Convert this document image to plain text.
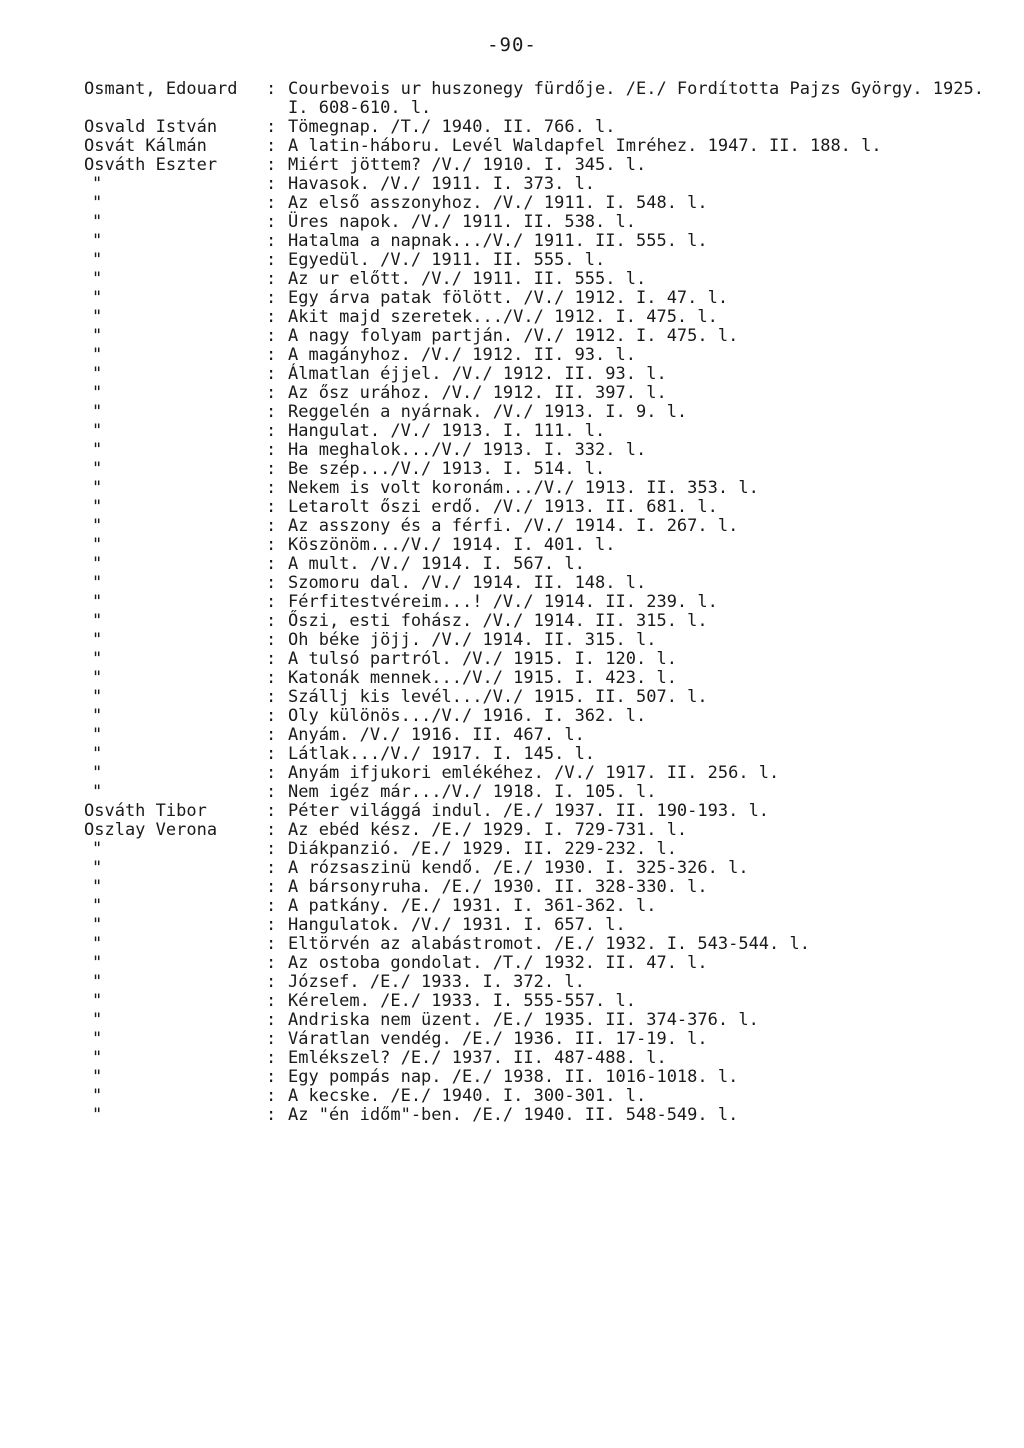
-90-
Osmant, Edouard	: Courbevois ur huszonegy fürdője. /E./ Fordította Pajzs György. 1925. I. 608-610. l.
Osvald István	: Tömegnap. /T./ 1940. II. 766. l.
Osvát Kálmán	: A latin-háboru. Levél Waldapfel Imréhez. 1947. II. 188. l.
Osváth Eszter	: Miért jöttem? /V./ 1910. I. 345. l.
"	: Havasok. /V./ 1911. I. 373. l.
"	: Az első asszonyhoz. /V./ 1911. I. 548. l.
"	: Üres napok. /V./ 1911. II. 538. l.
"	: Hatalma a napnak.../V./ 1911. II. 555. l.
"	: Egyedül. /V./ 1911. II. 555. l.
"	: Az ur előtt. /V./ 1911. II. 555. l.
"	: Egy árva patak fölött. /V./ 1912. I. 47. l.
"	: Akit majd szeretek.../V./ 1912. I. 475. l.
"	: A nagy folyam partján. /V./ 1912. I. 475. l.
"	: A magányhoz. /V./ 1912. II. 93. l.
"	: Álmatlan éjjel. /V./ 1912. II. 93. l.
"	: Az ősz urához. /V./ 1912. II. 397. l.
"	: Reggelén a nyárnak. /V./ 1913. I. 9. l.
"	: Hangulat. /V./ 1913. I. 111. l.
"	: Ha meghalok.../V./ 1913. I. 332. l.
"	: Be szép.../V./ 1913. I. 514. l.
"	: Nekem is volt koronám.../V./ 1913. II. 353. l.
"	: Letarolt őszi erdő. /V./ 1913. II. 681. l.
"	: Az asszony és a férfi. /V./ 1914. I. 267. l.
"	: Köszönöm.../V./ 1914. I. 401. l.
"	: A mult. /V./ 1914. I. 567. l.
"	: Szomoru dal. /V./ 1914. II. 148. l.
"	: Férfitestvéreim...! /V./ 1914. II. 239. l.
"	: Őszi, esti fohász. /V./ 1914. II. 315. l.
"	: Oh béke jöjj. /V./ 1914. II. 315. l.
"	: A tulsó partról. /V./ 1915. I. 120. l.
"	: Katonák mennek.../V./ 1915. I. 423. l.
"	: Szállj kis levél.../V./ 1915. II. 507. l.
"	: Oly különös.../V./ 1916. I. 362. l.
"	: Anyám. /V./ 1916. II. 467. l.
"	: Látlak.../V./ 1917. I. 145. l.
"	: Anyám ifjukori emlékéhez. /V./ 1917. II. 256. l.
"	: Nem igéz már.../V./ 1918. I. 105. l.
Osváth Tibor	: Péter világgá indul. /E./ 1937. II. 190-193. l.
Oszlay Verona	: Az ebéd kész. /E./ 1929. I. 729-731. l.
"	: Diákpanzió. /E./ 1929. II. 229-232. l.
"	: A rózsaszinü kendő. /E./ 1930. I. 325-326. l.
"	: A bársonyruha. /E./ 1930. II. 328-330. l.
"	: A patkány. /E./ 1931. I. 361-362. l.
"	: Hangulatok. /V./ 1931. I. 657. l.
"	: Eltörvén az alabástromot. /E./ 1932. I. 543-544. l.
"	: Az ostoba gondolat. /T./ 1932. II. 47. l.
"	: József. /E./ 1933. I. 372. l.
"	: Kérelem. /E./ 1933. I. 555-557. l.
"	: Andriska nem üzent. /E./ 1935. II. 374-376. l.
"	: Váratlan vendég. /E./ 1936. II. 17-19. l.
"	: Emlékszel? /E./ 1937. II. 487-488. l.
"	: Egy pompás nap. /E./ 1938. II. 1016-1018. l.
"	: A kecske. /E./ 1940. I. 300-301. l.
"	: Az "én időm"-ben. /E./ 1940. II. 548-549. l.
